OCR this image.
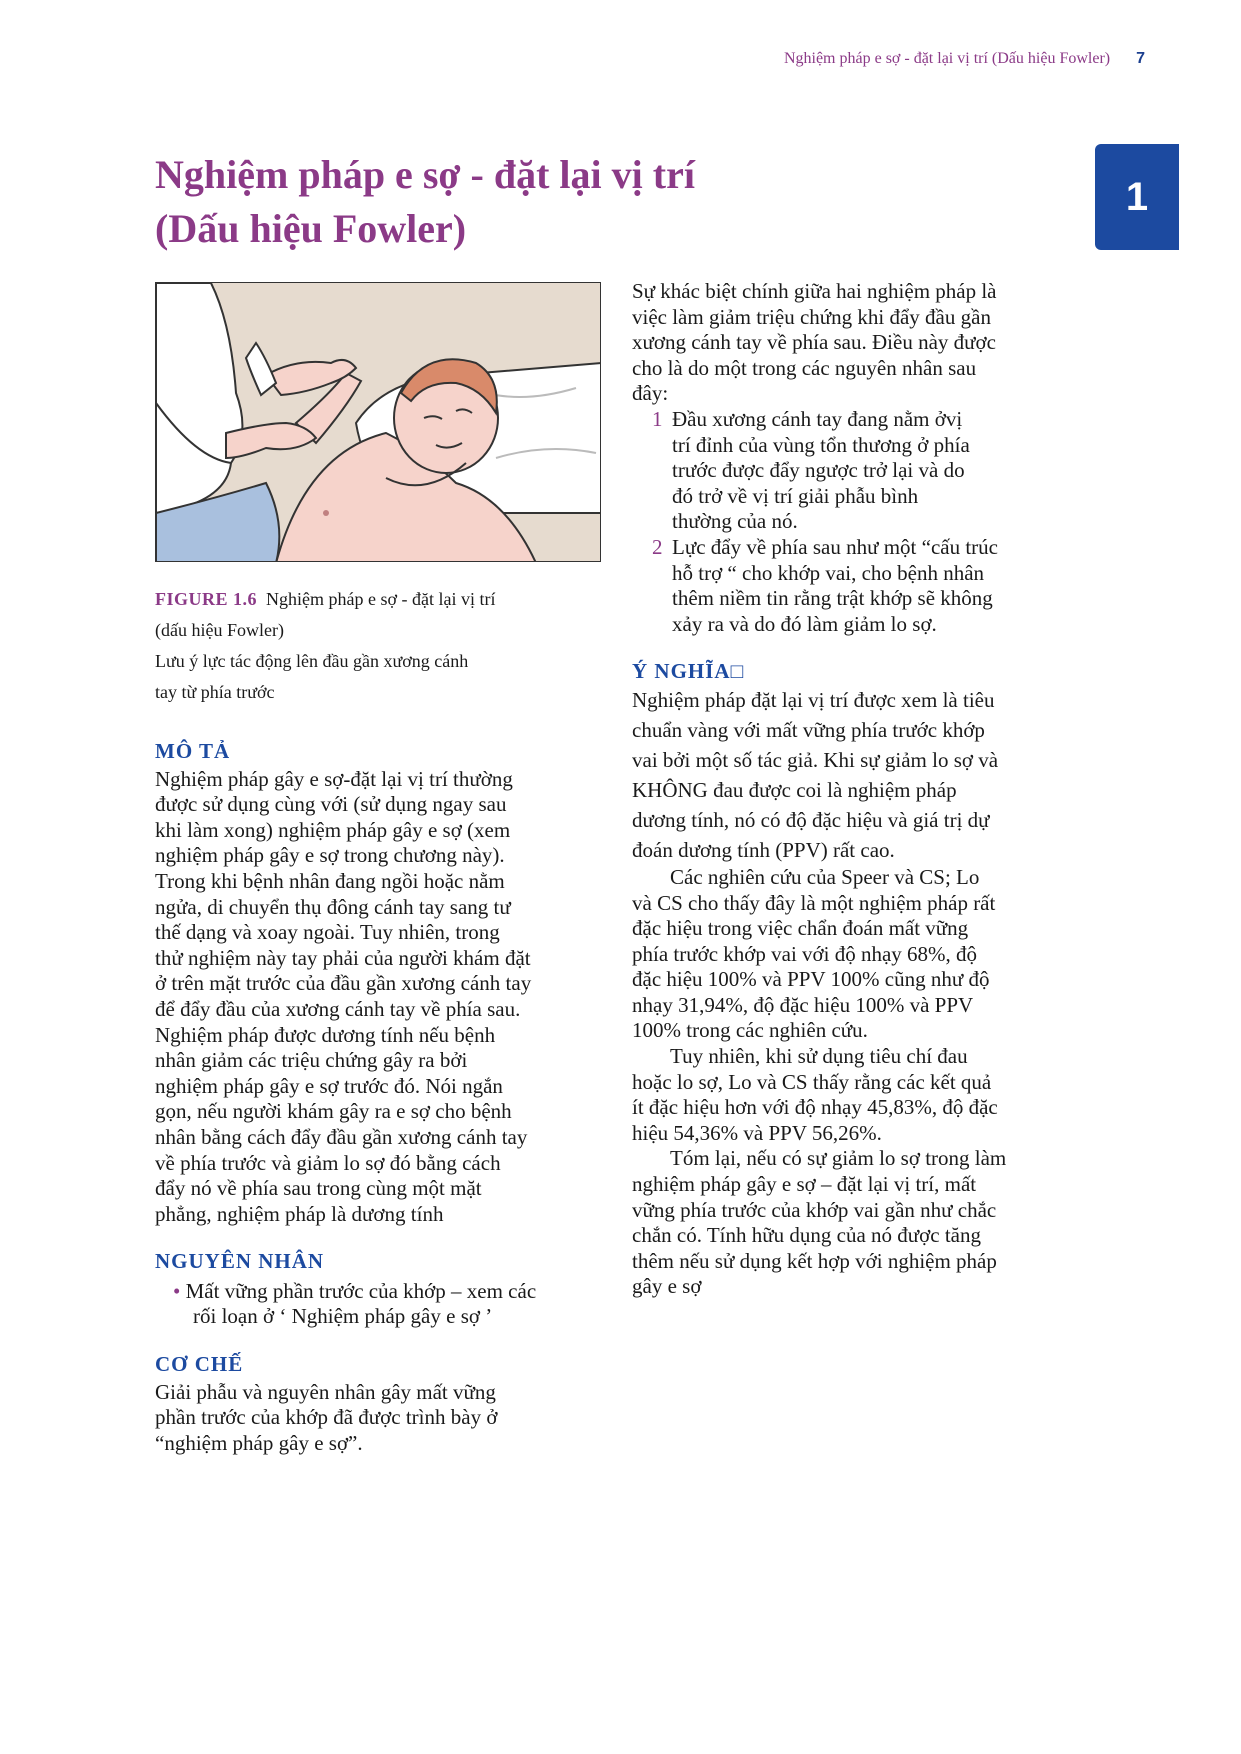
Nghiệm pháp e sợ - đặt lại vị trí (Dấu hiệu Fowler) 7
1
Nghiệm pháp e sợ - đặt lại vị trí
(Dấu hiệu Fowler)
FIGURE 1.6 Nghiệm pháp e sợ - đặt lại vị trí
(dấu hiệu Fowler)
Lưu ý lực tác động lên đầu gần xương cánh
tay từ phía trước

MÔ TẢ

Nghiệm pháp gây e sợ-đặt lại vị trí thường
được sử dụng cùng với (sử dụng ngay sau
khi làm xong) nghiệm pháp gây e sợ (xem
nghiệm pháp gây e sợ trong chương này).
Trong khi bệnh nhân đang ngồi hoặc nằm
ngửa, di chuyển thụ đông cánh tay sang tư
thế dạng và xoay ngoài. Tuy nhiên, trong
thử nghiệm này tay phải của người khám đặt
ở trên mặt trước của đầu gần xương cánh tay
để đẩy đầu của xương cánh tay về phía sau.
Nghiệm pháp được dương tính nếu bệnh
nhân giảm các triệu chứng gây ra bởi
nghiệm pháp gây e sợ trước đó. Nói ngắn
gọn, nếu người khám gây ra e sợ cho bệnh
nhân bằng cách đẩy đầu gần xương cánh tay
về phía trước và giảm lo sợ đó bằng cách
đẩy nó về phía sau trong cùng một mặt
phẳng, nghiệm pháp là dương tính

NGUYÊN NHÂN

• Mất vững phần trước của khớp – xem các
rối loạn ở ‘ Nghiệm pháp gây e sợ ’

CƠ CHẾ

Giải phẫu và nguyên nhân gây mất vững
phần trước của khớp đã được trình bày ở
“nghiệm pháp gây e sợ”.
Sự khác biệt chính giữa hai nghiệm pháp là
việc làm giảm triệu chứng khi đẩy đầu gần
xương cánh tay về phía sau. Điều này được
cho là do một trong các nguyên nhân sau
đây:
1 Đầu xương cánh tay đang nằm ởvị
trí đỉnh của vùng tổn thương ở phía
trước được đẩy ngược trở lại và do
đó trở về vị trí giải phẫu bình
thường của nó.
2 Lực đẩy về phía sau như một “cấu trúc
hỗ trợ “ cho khớp vai, cho bệnh nhân
thêm niềm tin rằng trật khớp sẽ không
xảy ra và do đó làm giảm lo sợ.

Ý NGHĨA□

Nghiệm pháp đặt lại vị trí được xem là tiêu
chuẩn vàng với mất vững phía trước khớp
vai bởi một số tác giả. Khi sự giảm lo sợ và
KHÔNG đau được coi là nghiệm pháp
dương tính, nó có độ đặc hiệu và giá trị dự
đoán dương tính (PPV) rất cao.
Các nghiên cứu của Speer và CS; Lo
và CS cho thấy đây là một nghiệm pháp rất
đặc hiệu trong việc chẩn đoán mất vững
phía trước khớp vai với độ nhạy 68%, độ
đặc hiệu 100% và PPV 100% cũng như độ
nhạy 31,94%, độ đặc hiệu 100% và PPV
100% trong các nghiên cứu.
Tuy nhiên, khi sử dụng tiêu chí đau
hoặc lo sợ, Lo và CS thấy rằng các kết quả
ít đặc hiệu hơn với độ nhạy 45,83%, độ đặc
hiệu 54,36% và PPV 56,26%.
Tóm lại, nếu có sự giảm lo sợ trong làm
nghiệm pháp gây e sợ – đặt lại vị trí, mất
vững phía trước của khớp vai gần như chắc
chắn có. Tính hữu dụng của nó được tăng
thêm nếu sử dụng kết hợp với nghiệm pháp
gây e sợ
